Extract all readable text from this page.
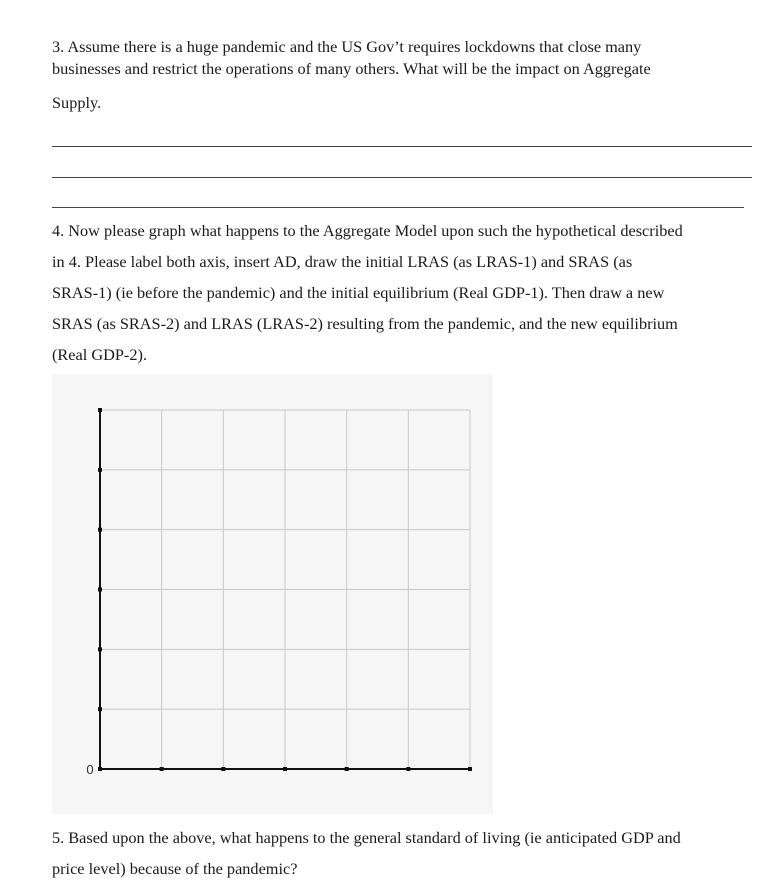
3. Assume there is a huge pandemic and the US Gov’t requires lockdowns that close many

businesses and restrict the operations of many others. What will be the impact on Aggregate

Supply.

4. Now please graph what happens to the Aggregate Model upon such the hypothetical described

in 4. Please label both axis, insert AD, draw the initial LRAS (as LRAS-1) and SRAS (as

SRAS-1) (ie before the pandemic) and the initial equilibrium (Real GDP-1). Then draw a new

SRAS (as SRAS-2) and LRAS (LRAS-2) resulting from the pandemic, and the new equilibrium

(Real GDP-2).

0

5. Based upon the above, what happens to the general standard of living (ie anticipated GDP and

price level) because of the pandemic?
